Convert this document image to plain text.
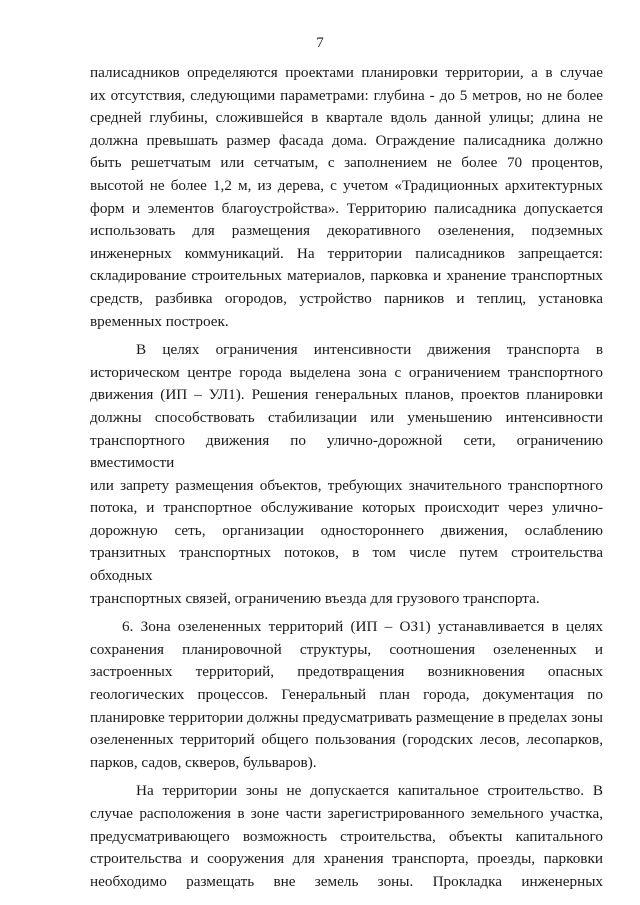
7
палисадников определяются проектами планировки территории, а в случае
их отсутствия, следующими параметрами: глубина - до 5 метров, но не более
средней глубины, сложившейся в квартале вдоль данной улицы; длина не
должна превышать размер фасада дома. Ограждение палисадника должно
быть решетчатым или сетчатым, с заполнением не более 70 процентов,
высотой не более 1,2 м, из дерева, с учетом «Традиционных архитектурных
форм и элементов благоустройства». Территорию палисадника допускается
использовать для размещения декоративного озеленения, подземных
инженерных коммуникаций. На территории палисадников запрещается:
складирование строительных материалов, парковка и хранение транспортных
средств, разбивка огородов, устройство парников и теплиц, установка
временных построек.
В целях ограничения интенсивности движения транспорта в
историческом центре города выделена зона с ограничением транспортного
движения (ИП – УЛ1). Решения генеральных планов, проектов планировки
должны способствовать стабилизации или уменьшению интенсивности
транспортного движения по улично-дорожной сети, ограничению вместимости
или запрету размещения объектов, требующих значительного транспортного
потока, и транспортное обслуживание которых происходит через улично-
дорожную сеть, организации одностороннего движения, ослаблению
транзитных транспортных потоков, в том числе путем строительства обходных
транспортных связей, ограничению въезда для грузового транспорта.
6. Зона озелененных территорий (ИП – ОЗ1) устанавливается в целях
сохранения планировочной структуры, соотношения озелененных и
застроенных территорий, предотвращения возникновения опасных
геологических процессов. Генеральный план города, документация по
планировке территории должны предусматривать размещение в пределах зоны
озелененных территорий общего пользования (городских лесов, лесопарков,
парков, садов, скверов, бульваров).
На территории зоны не допускается капитальное строительство. В
случае расположения в зоне части зарегистрированного земельного участка,
предусматривающего возможность строительства, объекты капитального
строительства и сооружения для хранения транспорта, проезды, парковки
необходимо размещать вне земель зоны. Прокладка инженерных
